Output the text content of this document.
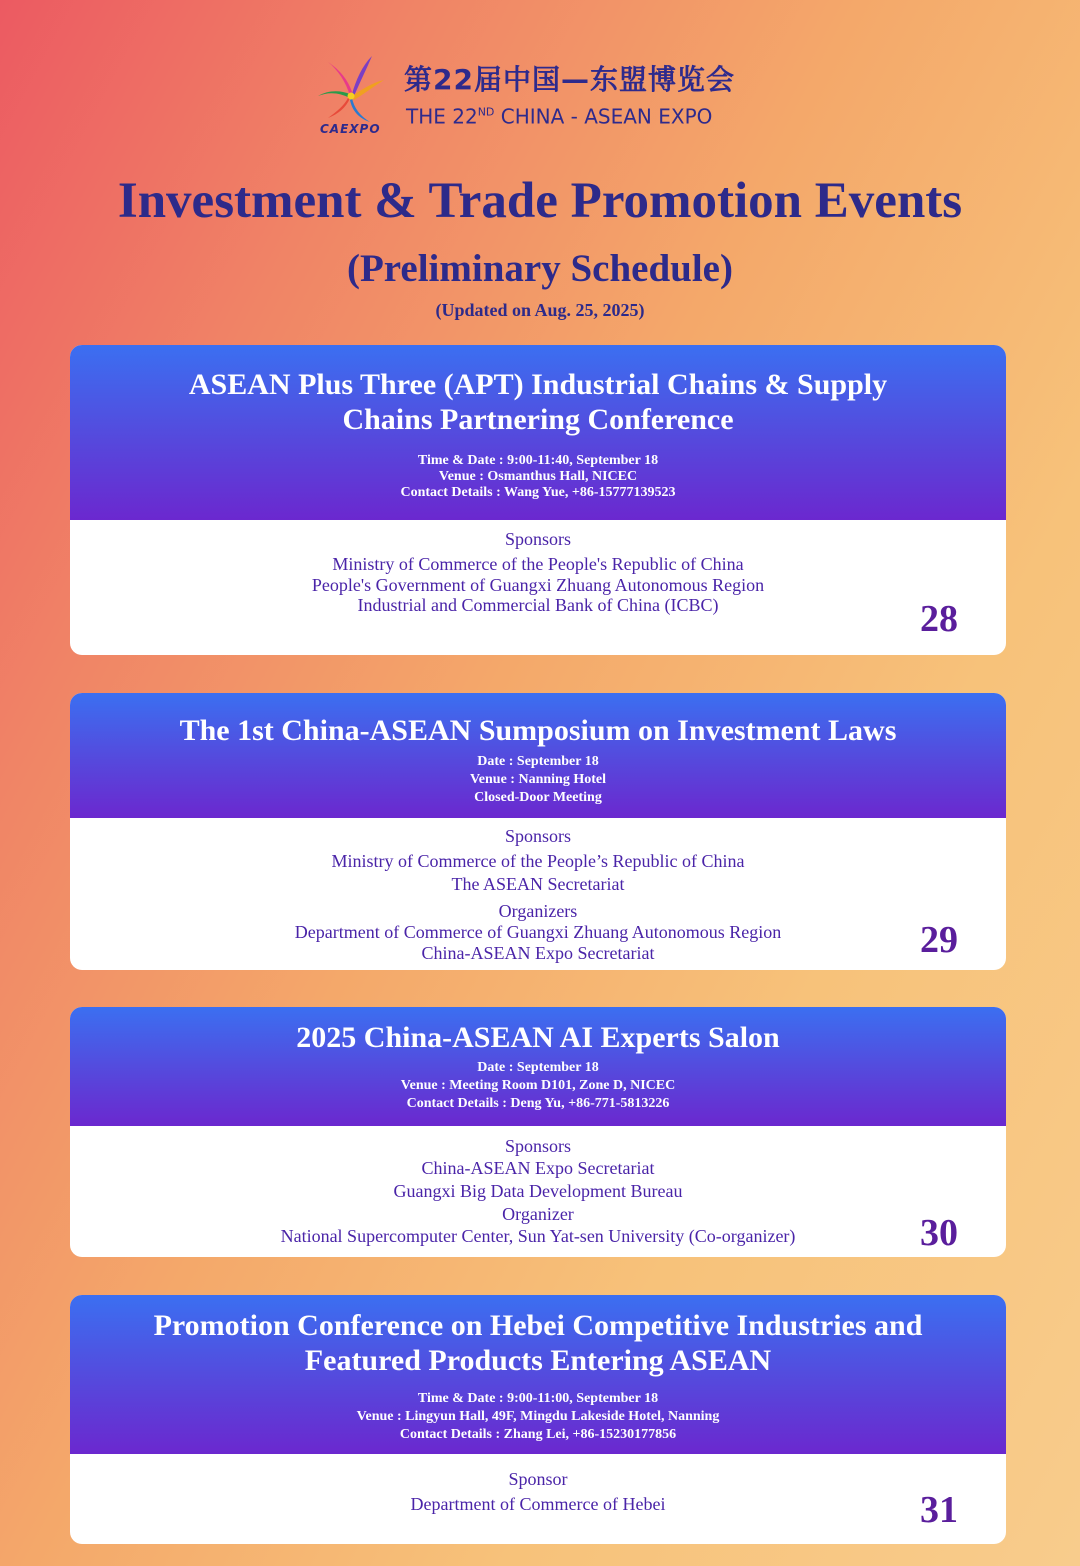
CAEXPO
第22届中国—东盟博览会
THE 22ND CHINA - ASEAN EXPO
Investment & Trade Promotion Events
(Preliminary Schedule)
(Updated on Aug. 25, 2025)
ASEAN Plus Three (APT) Industrial Chains & Supply
Chains Partnering Conference
Time & Date : 9:00-11:40, September 18
Venue : Osmanthus Hall, NICEC
Contact Details : Wang Yue, +86-15777139523
Sponsors
Ministry of Commerce of the People's Republic of China
People's Government of Guangxi Zhuang Autonomous Region
Industrial and Commercial Bank of China (ICBC)	28
The 1st China-ASEAN Sumposium on Investment Laws
Date : September 18
Venue : Nanning Hotel
Closed-Door Meeting
Sponsors
Ministry of Commerce of the People’s Republic of China
The ASEAN Secretariat
Organizers
Department of Commerce of Guangxi Zhuang Autonomous Region
China-ASEAN Expo Secretariat	29
2025 China-ASEAN AI Experts Salon
Date : September 18
Venue : Meeting Room D101, Zone D, NICEC
Contact Details : Deng Yu, +86-771-5813226
Sponsors
China-ASEAN Expo Secretariat
Guangxi Big Data Development Bureau
Organizer
National Supercomputer Center, Sun Yat-sen University (Co-organizer)	30
Promotion Conference on Hebei Competitive Industries and
Featured Products Entering ASEAN
Time & Date : 9:00-11:00, September 18
Venue : Lingyun Hall, 49F, Mingdu Lakeside Hotel, Nanning
Contact Details : Zhang Lei, +86-15230177856
Sponsor
Department of Commerce of Hebei	31
